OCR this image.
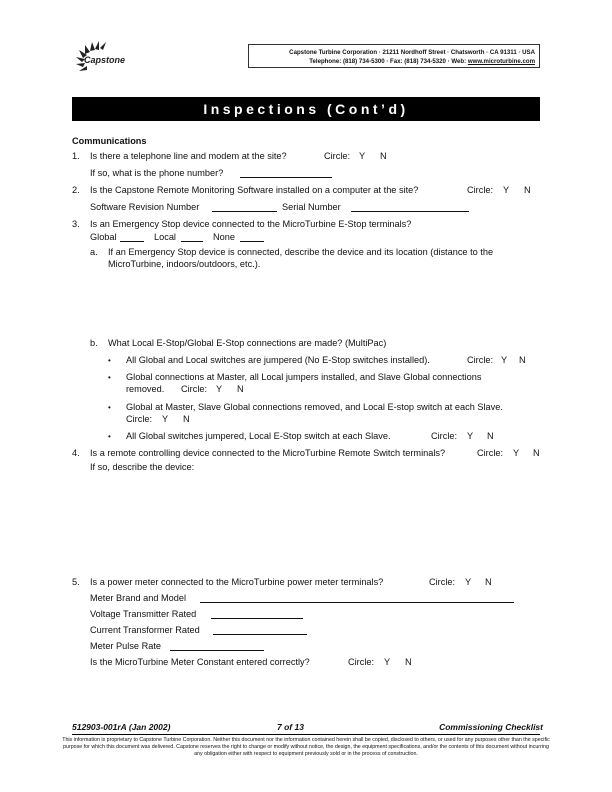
Capstone
Capstone Turbine Corporation · 21211 Nordhoff Street · Chatsworth · CA 91311 · USA
Telephone: (818) 734-5300 · Fax: (818) 734-5320 · Web: www.microturbine.com
Inspections (Cont’d)
Communications
1. Is there a telephone line and modem at the site?	Circle: Y N
If so, what is the phone number?
2. Is the Capstone Remote Monitoring Software installed on a computer at the site?	Circle: Y N
Software Revision Number	Serial Number
3. Is an Emergency Stop device connected to the MicroTurbine E-Stop terminals?
Global	Local	None
a. If an Emergency Stop device is connected, describe the device and its location (distance to the
MicroTurbine, indoors/outdoors, etc.).
b. What Local E-Stop/Global E-Stop connections are made? (MultiPac)
• All Global and Local switches are jumpered (No E-Stop switches installed).	Circle: Y N
• Global connections at Master, all Local jumpers installed, and Slave Global connections
removed. Circle: Y N
• Global at Master, Slave Global connections removed, and Local E-stop switch at each Slave.
Circle: Y N
• All Global switches jumpered, Local E-Stop switch at each Slave.	Circle: Y N
4. Is a remote controlling device connected to the MicroTurbine Remote Switch terminals?	Circle: Y N
If so, describe the device:
5. Is a power meter connected to the MicroTurbine power meter terminals?	Circle: Y N
Meter Brand and Model
Voltage Transmitter Rated
Current Transformer Rated
Meter Pulse Rate
Is the MicroTurbine Meter Constant entered correctly?	Circle: Y N
512903-001rA (Jan 2002)	7 of 13	Commissioning Checklist
This information is proprietary to Capstone Turbine Corporation. Neither this document nor the information contained herein shall be copied, disclosed to others, or used for any purposes other than the specific purpose for which this document was delivered. Capstone reserves the right to change or modify without notice, the design, the equipment specifications, and/or the contents of this document without incurring any obligation either with respect to equipment previously sold or in the process of construction.
